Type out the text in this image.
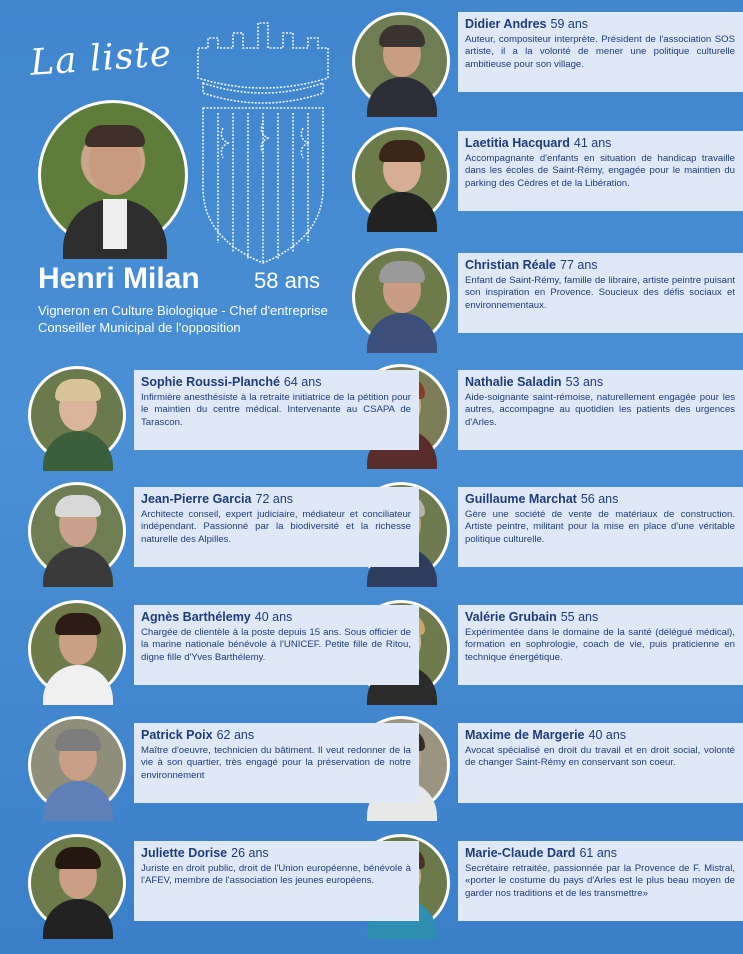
La liste
Henri Milan 58 ans
Vigneron en Culture Biologique - Chef d'entreprise
Conseiller Municipal de l'opposition
Didier Andres 59 ans
Auteur, compositeur interprète. Président de l'association SOS artiste, il a la volonté de mener une politique culturelle ambitieuse pour son village.
Laetitia Hacquard 41 ans
Accompagnante d'enfants en situation de handicap travaille dans les écoles de Saint-Rémy, engagée pour le maintien du parking des Cèdres et de la Libération.
Christian Réale 77 ans
Enfant de Saint-Rémy, famille de libraire, artiste peintre puisant son inspiration en Provence. Soucieux des défis sociaux et environnementaux.
Nathalie Saladin 53 ans
Aide-soignante saint-rémoise, naturellement engagée pour les autres, accompagne au quotidien les patients des urgences d'Arles.
Guillaume Marchat 56 ans
Gère une société de vente de matériaux de construction. Artiste peintre, militant pour la mise en place d'une véritable politique culturelle.
Valérie Grubain 55 ans
Expérimentée dans le domaine de la santé (délégué médical), formation en sophrologie, coach de vie, puis praticienne en technique énergétique.
Maxime de Margerie 40 ans
Avocat spécialisé en droit du travail et en droit social, volonté de changer Saint-Rémy en conservant son coeur.
Marie-Claude Dard 61 ans
Secrétaire retraitée, passionnée par la Provence de F. Mistral, «porter le costume du pays d'Arles est le plus beau moyen de garder nos traditions et de les transmettre»
Sophie Roussi-Planché 64 ans
Infirmière anesthésiste à la retraite initiatrice de la pétition pour le maintien du centre médical. Intervenante au CSAPA de Tarascon.
Jean-Pierre Garcia 72 ans
Architecte conseil, expert judiciaire, médiateur et conciliateur indépendant. Passionné par la biodiversité et la richesse naturelle des Alpilles.
Agnès Barthélemy 40 ans
Chargée de clientèle à la poste depuis 15 ans. Sous officier de la marine nationale bénévole à l'UNICEF. Petite fille de Ritou, digne fille d'Yves Barthélemy.
Patrick Poix 62 ans
Maître d'oeuvre, technicien du bâtiment. Il veut redonner de la vie à son quartier, très engagé pour la préservation de notre environnement
Juliette Dorise 26 ans
Juriste en droit public, droit de l'Union européenne, bénévole à l'AFEV, membre de l'association les jeunes européens.
